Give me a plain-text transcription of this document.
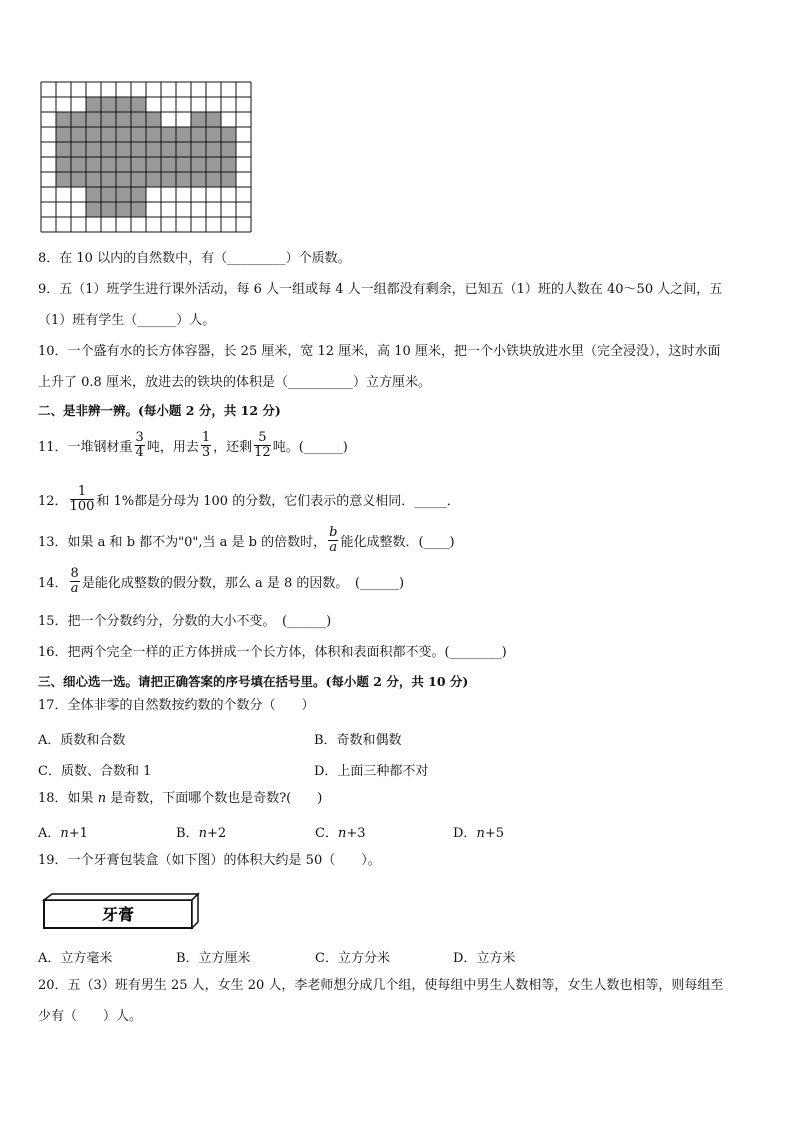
8．在 10 以内的自然数中，有（_________）个质数。
9．五（1）班学生进行课外活动，每 6 人一组或每 4 人一组都没有剩余，已知五（1）班的人数在 40～50 人之间，五
（1）班有学生（______）人。
10．一个盛有水的长方体容器，长 25 厘米，宽 12 厘米，高 10 厘米，把一个小铁块放进水里（完全浸没），这时水面
上升了 0.8 厘米，放进去的铁块的体积是（__________）立方厘米。
二、是非辨一辨。(每小题 2 分，共 12 分)
11．一堆钢材重 $\frac{3}{4}$ 吨，用去 $\frac{1}{3}$ ，还剩 $\frac{5}{12}$ 吨。(______)
12． $\frac{1}{100}$ 和 1%都是分母为 100 的分数，它们表示的意义相同．_____．
13．如果 a 和 b 都不为"0",当 a 是 b 的倍数时， $\frac{b}{a}$ 能化成整数．(____)
14． $\frac{8}{a}$ 是能化成整数的假分数，那么 a 是 8 的因数。　(______)
15．把一个分数约分，分数的大小不变。　(______)
16．把两个完全一样的正方体拼成一个长方体，体积和表面积都不变。(________)
三、细心选一选。请把正确答案的序号填在括号里。(每小题 2 分，共 10 分)
17．全体非零的自然数按约数的个数分（　　）
A．质数和合数	B．奇数和偶数
C．质数、合数和 1	D．上面三种都不对
18．如果 n 是奇数，下面哪个数也是奇数?(　　)
A．n+1	B．n+2	C．n+3	D．n+5
19．一个牙膏包装盒（如下图）的体积大约是 50（　　）。
牙膏
A．立方毫米	B．立方厘米	C．立方分米	D．立方米
20．五（3）班有男生 25 人，女生 20 人，李老师想分成几个组，使每组中男生人数相等，女生人数也相等，则每组至
少有（　　）人。
